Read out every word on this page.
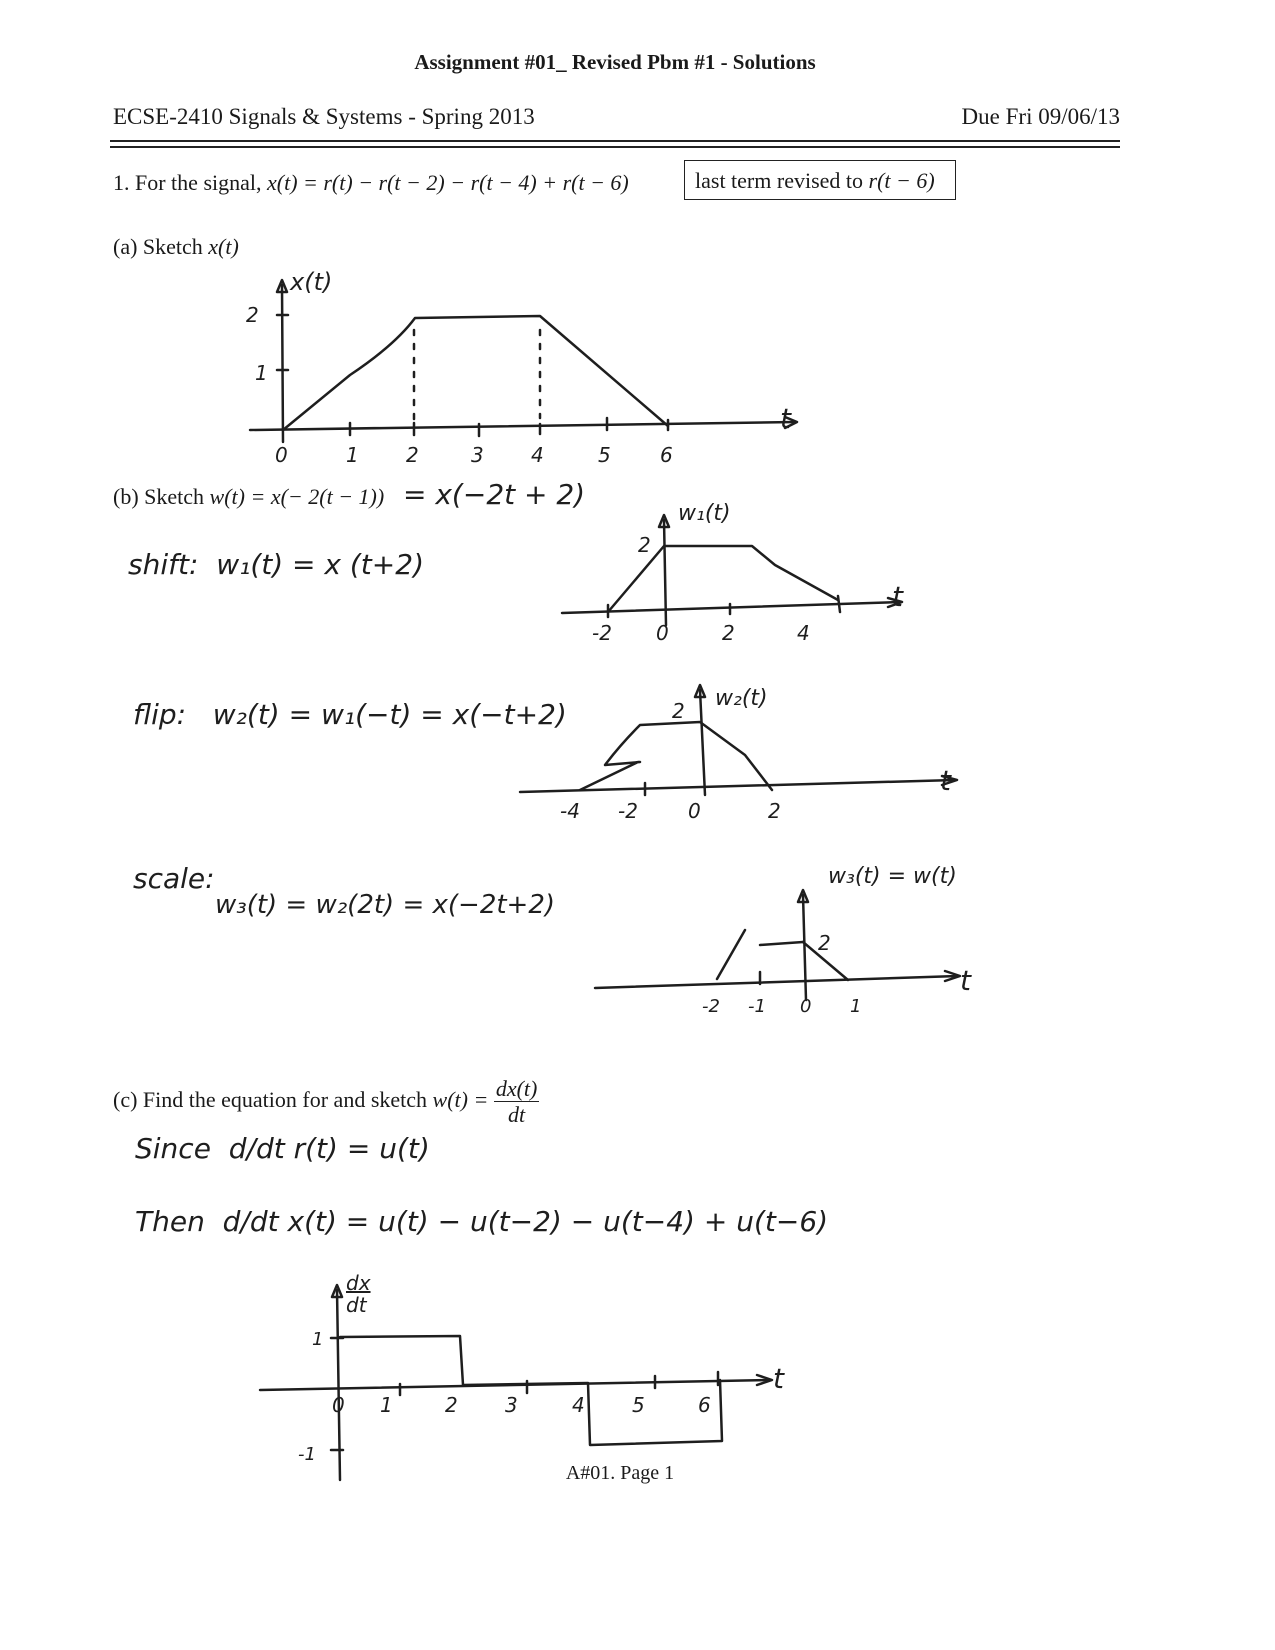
Assignment #01_ Revised Pbm #1 - Solutions
ECSE-2410 Signals & Systems - Spring 2013	Due Fri 09/06/13
1. For the signal, x(t) = r(t) − r(t − 2) − r(t − 4) + r(t − 6)	last term revised to r(t − 6)
(a) Sketch x(t)
x(t)
2
1
t
0	1 2	3 4	5 6
(b) Sketch w(t) = x(− 2(t − 1)) = x(−2t + 2)
shift: w₁(t) = x (t+2)
w₁(t)
2
t
-2 0	2	4
flip: w₂(t) = w₁(−t) = x(−t+2)	w₂(t)
2
t
-4 -2	0	2
scale:
w₃(t) = w₂(2t) = x(−2t+2)
w₃(t) = w(t)
2
t
-2 -1 0 1
(c) Find the equation for and sketch $w(t) = \frac{dx(t)}{dt}$
Since d/dt r(t) = u(t)
Then d/dt x(t) = u(t) − u(t−2) − u(t−4) + u(t−6)
dx
dt
1
-1
t
0 1	2 3	4 5	6
A#01. Page 1
